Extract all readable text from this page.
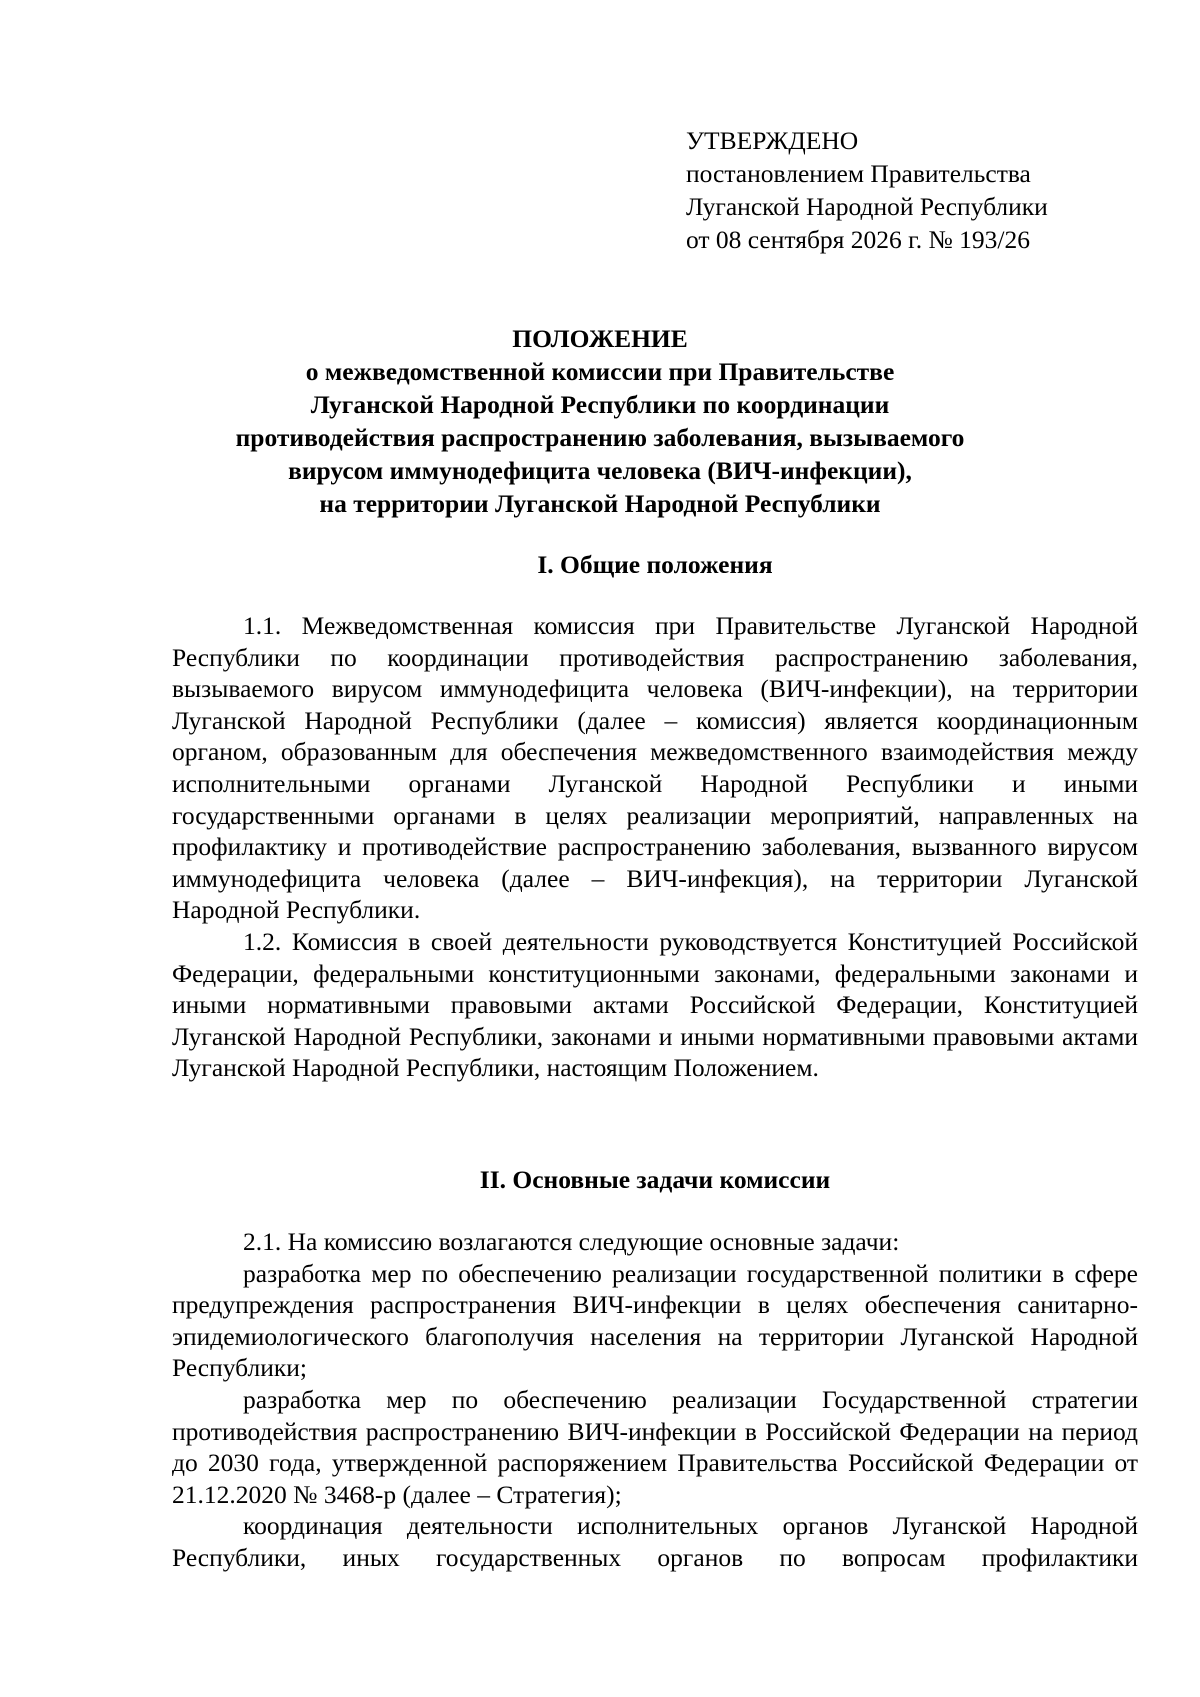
УТВЕРЖДЕНО
постановлением Правительства
Луганской Народной Республики
от 08 сентября 2026 г. № 193/26
ПОЛОЖЕНИЕ
о межведомственной комиссии при Правительстве
Луганской Народной Республики по координации
противодействия распространению заболевания, вызываемого
вирусом иммунодефицита человека (ВИЧ-инфекции),
на территории Луганской Народной Республики
I. Общие положения

1.1. Межведомственная комиссия при Правительстве Луганской Народной Республики по координации противодействия распространению заболевания, вызываемого вирусом иммунодефицита человека (ВИЧ-инфекции), на территории Луганской Народной Республики (далее – комиссия) является координационным органом, образованным для обеспечения межведомственного взаимодействия между исполнительными органами Луганской Народной Республики и иными государственными органами в целях реализации мероприятий, направленных на профилактику и противодействие распространению заболевания, вызванного вирусом иммунодефицита человека (далее – ВИЧ-инфекция), на территории Луганской Народной Республики.

1.2. Комиссия в своей деятельности руководствуется Конституцией Российской Федерации, федеральными конституционными законами, федеральными законами и иными нормативными правовыми актами Российской Федерации, Конституцией Луганской Народной Республики, законами и иными нормативными правовыми актами Луганской Народной Республики, настоящим Положением.

II. Основные задачи комиссии

2.1. На комиссию возлагаются следующие основные задачи:

разработка мер по обеспечению реализации государственной политики в сфере предупреждения распространения ВИЧ-инфекции в целях обеспечения санитарно-эпидемиологического благополучия населения на территории Луганской Народной Республики;

разработка мер по обеспечению реализации Государственной стратегии противодействия распространению ВИЧ-инфекции в Российской Федерации на период до 2030 года, утвержденной распоряжением Правительства Российской Федерации от 21.12.2020 № 3468-р (далее – Стратегия);

координация деятельности исполнительных органов Луганской Народной Республики, иных государственных органов по вопросам профилактики
